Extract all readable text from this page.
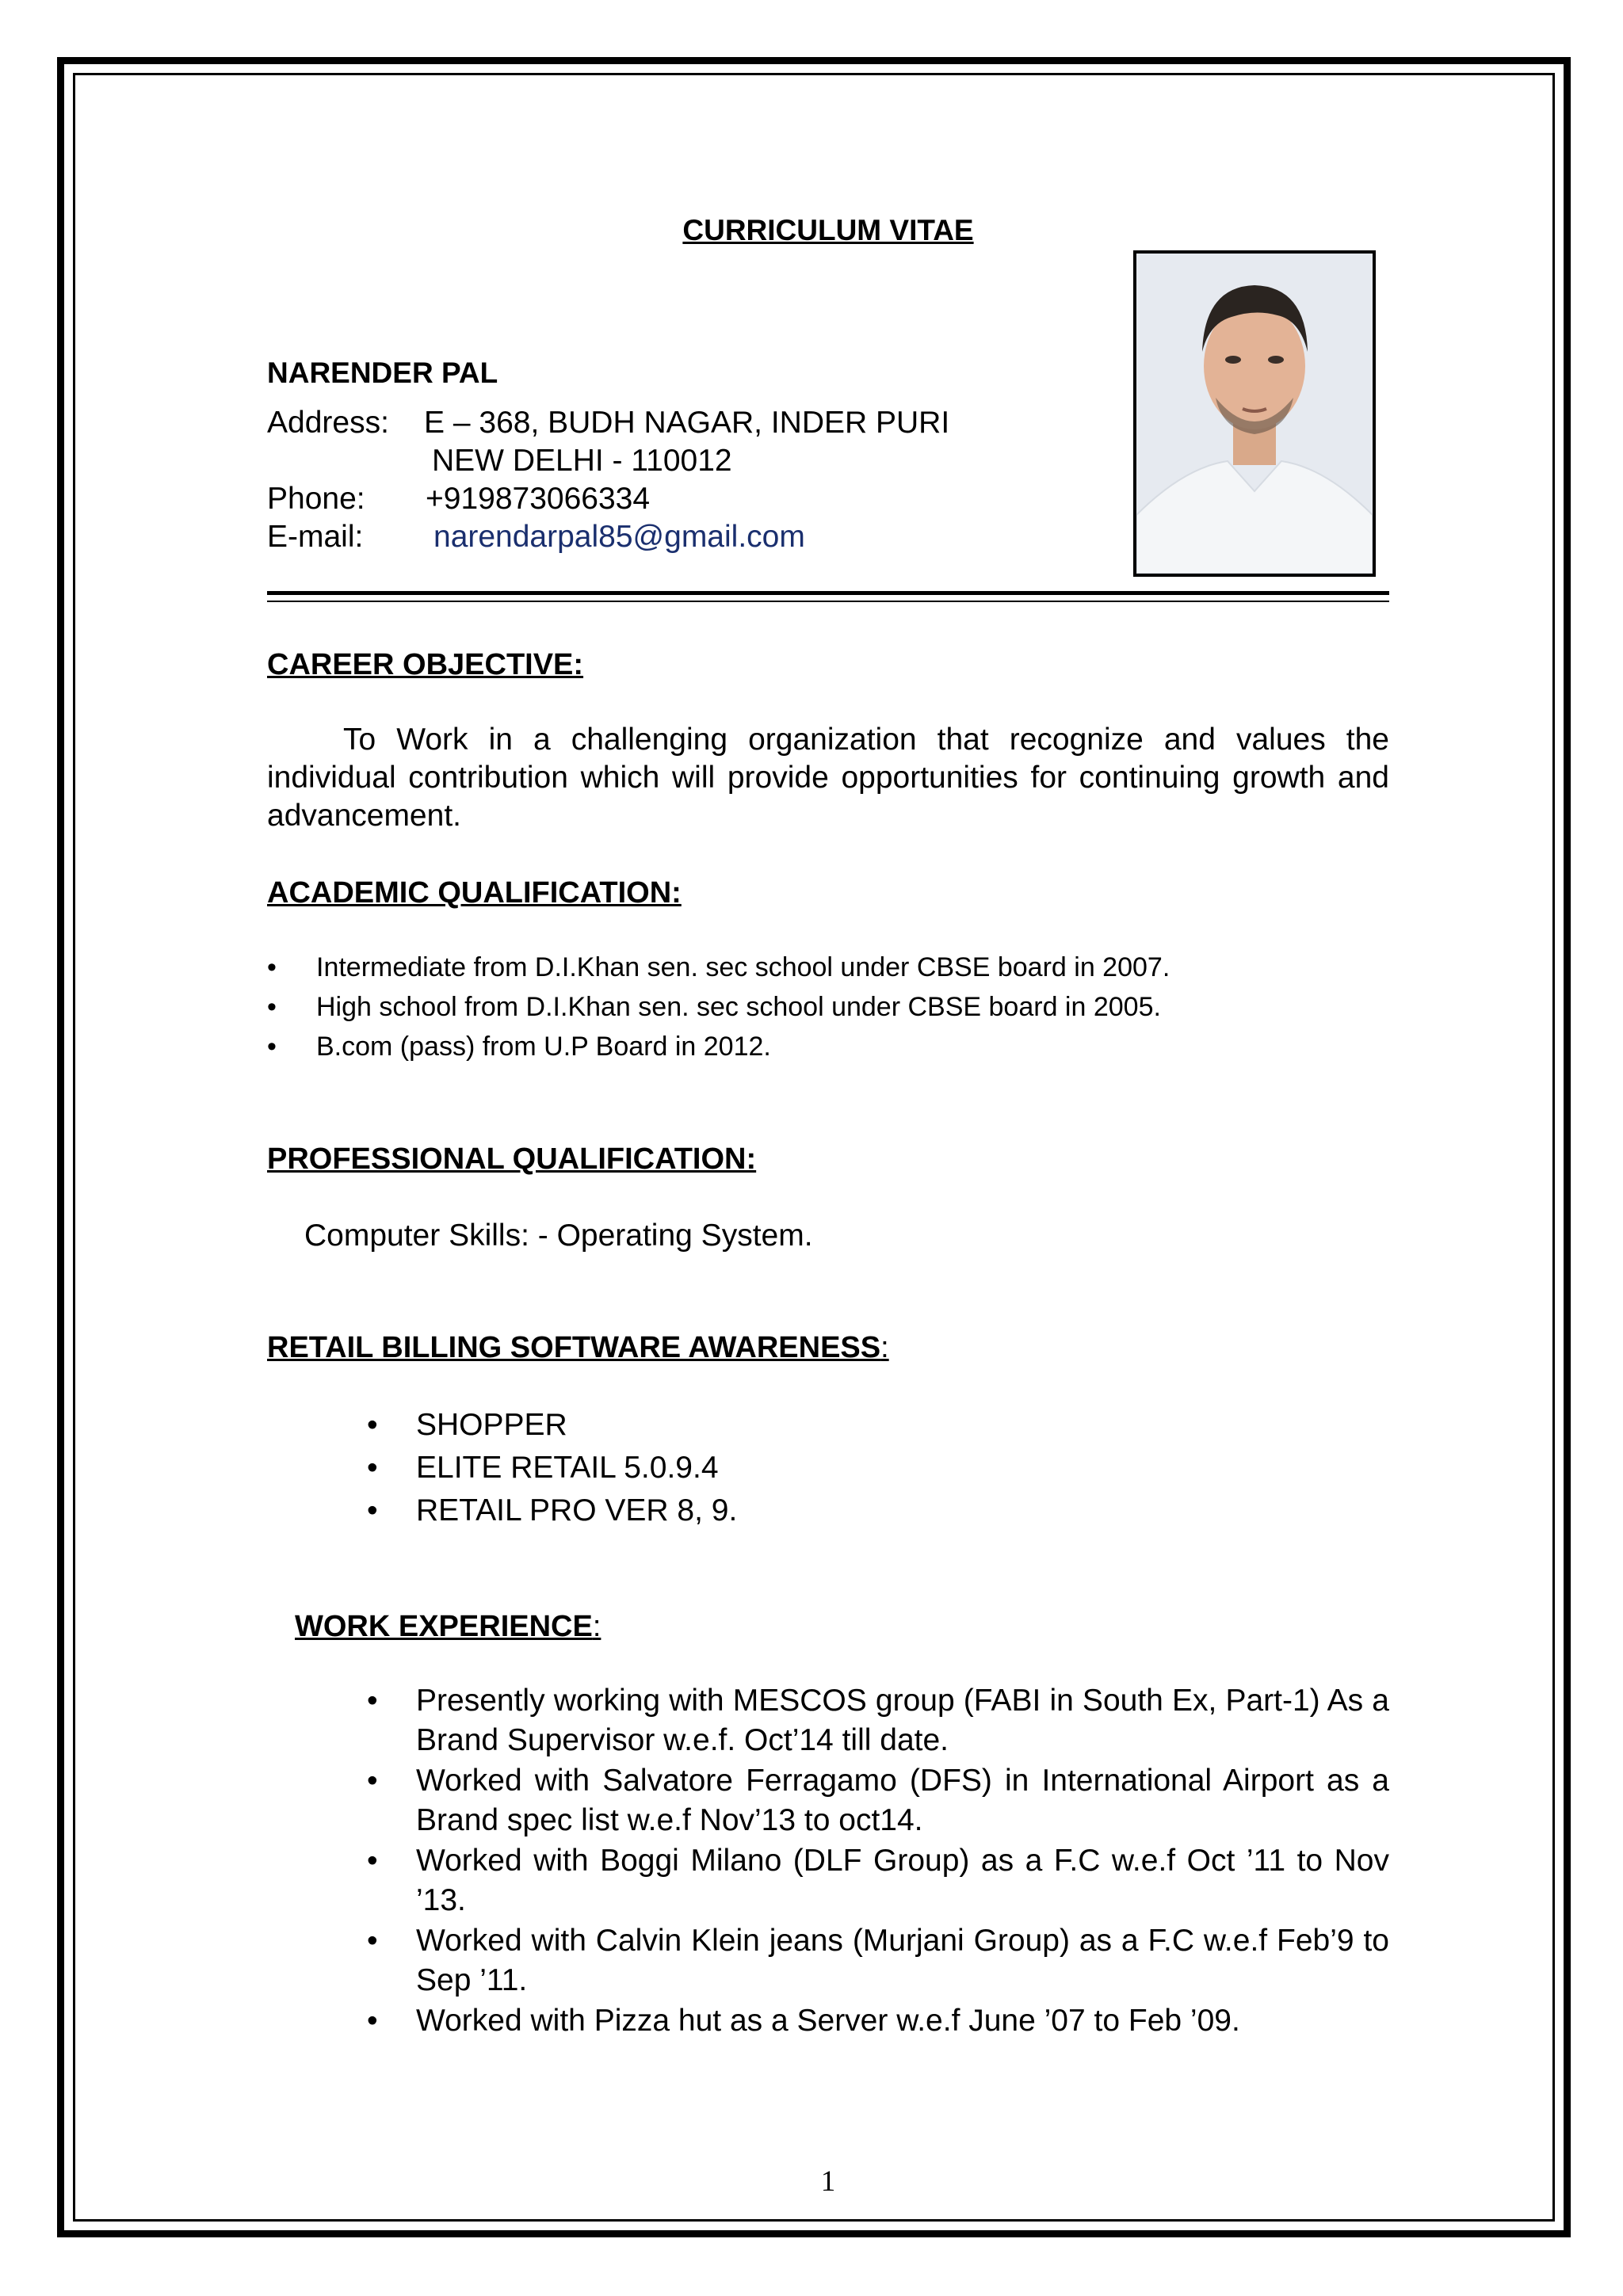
CURRICULUM VITAE
NARENDER PAL
Address: E – 368, BUDH NAGAR, INDER PURI
NEW DELHI - 110012
Phone: +919873066334
E-mail: narendarpal85@gmail.com
CAREER OBJECTIVE:
To Work in a challenging organization that recognize and values the individual contribution which will provide opportunities for continuing growth and advancement.
ACADEMIC QUALIFICATION:
• Intermediate from D.I.Khan sen. sec school under CBSE board in 2007.
• High school from D.I.Khan sen. sec school under CBSE board in 2005.
• B.com (pass) from U.P Board in 2012.
PROFESSIONAL QUALIFICATION:
Computer Skills: - Operating System.
RETAIL BILLING SOFTWARE AWARENESS:
• SHOPPER
• ELITE RETAIL 5.0.9.4
• RETAIL PRO VER 8, 9.
WORK EXPERIENCE:
• Presently working with MESCOS group (FABI in South Ex, Part-1) As a Brand Supervisor w.e.f. Oct’14 till date.
• Worked with Salvatore Ferragamo (DFS) in International Airport as a Brand spec list w.e.f Nov’13 to oct14.
• Worked with Boggi Milano (DLF Group) as a F.C w.e.f Oct ’11 to Nov ’13.
• Worked with Calvin Klein jeans (Murjani Group) as a F.C w.e.f Feb’9 to Sep ’11.
• Worked with Pizza hut as a Server w.e.f June ’07 to Feb ’09.
1
